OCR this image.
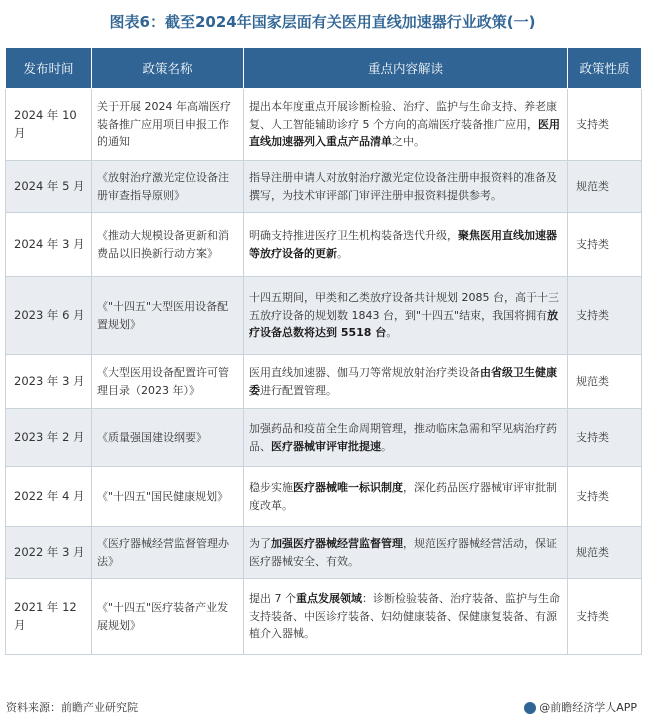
图表6：截至2024年国家层面有关医用直线加速器行业政策(一)
发布时间	政策名称	重点内容解读	政策性质
2024 年 10 月	关于开展 2024 年高端医疗装备推广应用项目申报工作的通知	提出本年度重点开展诊断检验、治疗、监护与生命支持、养老康复、人工智能辅助诊疗 5 个方向的高端医疗装备推广应用，医用直线加速器列入重点产品清单之中。	支持类
2024 年 5 月	《放射治疗激光定位设备注册审查指导原则》	指导注册申请人对放射治疗激光定位设备注册申报资料的准备及撰写，为技术审评部门审评注册申报资料提供参考。	规范类
2024 年 3 月	《推动大规模设备更新和消费品以旧换新行动方案》	明确支持推进医疗卫生机构装备迭代升级，聚焦医用直线加速器等放疗设备的更新。	支持类
2023 年 6 月	《"十四五"大型医用设备配置规划》	十四五期间，甲类和乙类放疗设备共计规划 2085 台，高于十三五放疗设备的规划数 1843 台，到"十四五"结束，我国将拥有放疗设备总数将达到 5518 台。	支持类
2023 年 3 月	《大型医用设备配置许可管理目录（2023 年）》	医用直线加速器、伽马刀等常规放射治疗类设备由省级卫生健康委进行配置管理。	规范类
2023 年 2 月	《质量强国建设纲要》	加强药品和疫苗全生命周期管理，推动临床急需和罕见病治疗药品、医疗器械审评审批提速。	支持类
2022 年 4 月	《"十四五"国民健康规划》	稳步实施医疗器械唯一标识制度，深化药品医疗器械审评审批制度改革。	支持类
2022 年 3 月	《医疗器械经营监督管理办法》	为了加强医疗器械经营监督管理，规范医疗器械经营活动，保证医疗器械安全、有效。	规范类
2021 年 12 月	《"十四五"医疗装备产业发展规划》	提出 7 个重点发展领域：诊断检验装备、治疗装备、监护与生命支持装备、中医诊疗装备、妇幼健康装备、保健康复装备、有源植介入器械。	支持类
资料来源：前瞻产业研究院	@前瞻经济学人APP
